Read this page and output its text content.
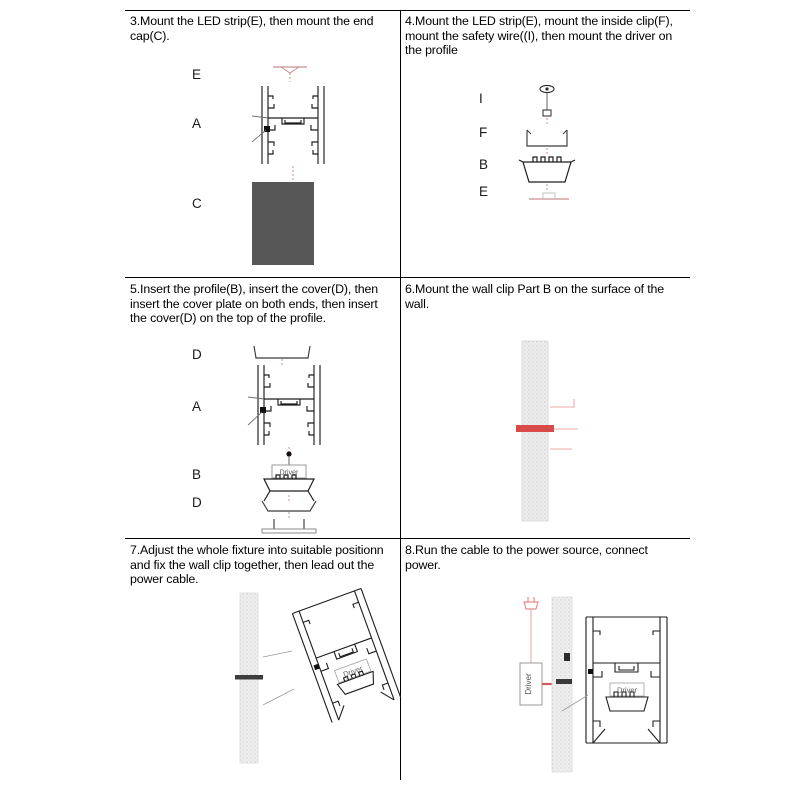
3.Mount the LED strip(E), then mount the end cap(C).
E
A
C
4.Mount the LED strip(E), mount the inside clip(F), mount the safety wire((I), then mount the driver on the profile
I
F
B
E
5.Insert the profile(B), insert the cover(D), then insert the cover plate on both ends, then insert the cover(D) on the top of the profile.
D
A
B
D
Driver
6.Mount the wall clip Part B on the surface of the wall.
7.Adjust the whole fixture into suitable positionn and fix the wall clip together, then lead out the power cable.
Driver
8.Run the cable to the power source, connect power.
Driver	Driver
